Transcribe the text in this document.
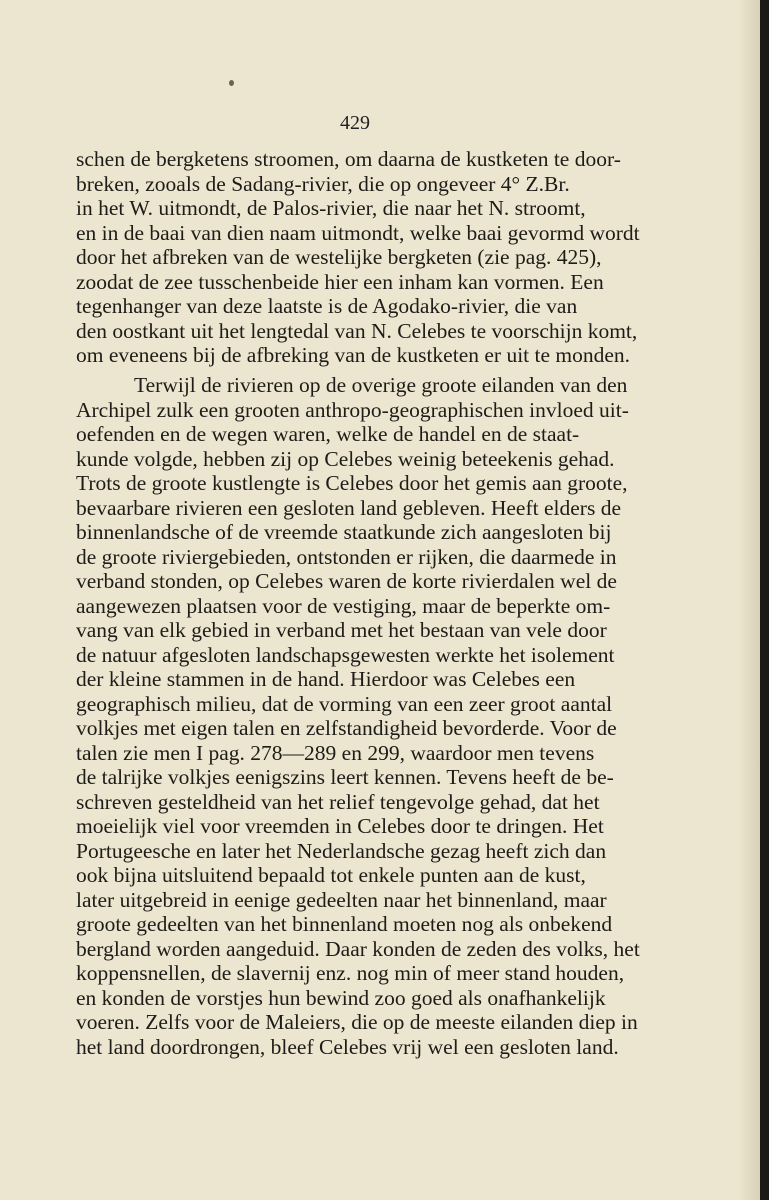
429
schen de bergketens stroomen, om daarna de kustketen te door-
breken, zooals de Sadang-rivier, die op ongeveer 4° Z.Br.
in het W. uitmondt, de Palos-rivier, die naar het N. stroomt,
en in de baai van dien naam uitmondt, welke baai gevormd wordt
door het afbreken van de westelijke bergketen (zie pag. 425),
zoodat de zee tusschenbeide hier een inham kan vormen. Een
tegenhanger van deze laatste is de Agodako-rivier, die van
den oostkant uit het lengtedal van N. Celebes te voorschijn komt,
om eveneens bij de afbreking van de kustketen er uit te monden.
Terwijl de rivieren op de overige groote eilanden van den
Archipel zulk een grooten anthropo-geographischen invloed uit-
oefenden en de wegen waren, welke de handel en de staat-
kunde volgde, hebben zij op Celebes weinig beteekenis gehad.
Trots de groote kustlengte is Celebes door het gemis aan groote,
bevaarbare rivieren een gesloten land gebleven. Heeft elders de
binnenlandsche of de vreemde staatkunde zich aangesloten bij
de groote riviergebieden, ontstonden er rijken, die daarmede in
verband stonden, op Celebes waren de korte rivierdalen wel de
aangewezen plaatsen voor de vestiging, maar de beperkte om-
vang van elk gebied in verband met het bestaan van vele door
de natuur afgesloten landschapsgewesten werkte het isolement
der kleine stammen in de hand. Hierdoor was Celebes een
geographisch milieu, dat de vorming van een zeer groot aantal
volkjes met eigen talen en zelfstandigheid bevorderde. Voor de
talen zie men I pag. 278—289 en 299, waardoor men tevens
de talrijke volkjes eenigszins leert kennen. Tevens heeft de be-
schreven gesteldheid van het relief tengevolge gehad, dat het
moeielijk viel voor vreemden in Celebes door te dringen. Het
Portugeesche en later het Nederlandsche gezag heeft zich dan
ook bijna uitsluitend bepaald tot enkele punten aan de kust,
later uitgebreid in eenige gedeelten naar het binnenland, maar
groote gedeelten van het binnenland moeten nog als onbekend
bergland worden aangeduid. Daar konden de zeden des volks, het
koppensnellen, de slavernij enz. nog min of meer stand houden,
en konden de vorstjes hun bewind zoo goed als onafhankelijk
voeren. Zelfs voor de Maleiers, die op de meeste eilanden diep in
het land doordrongen, bleef Celebes vrij wel een gesloten land.
